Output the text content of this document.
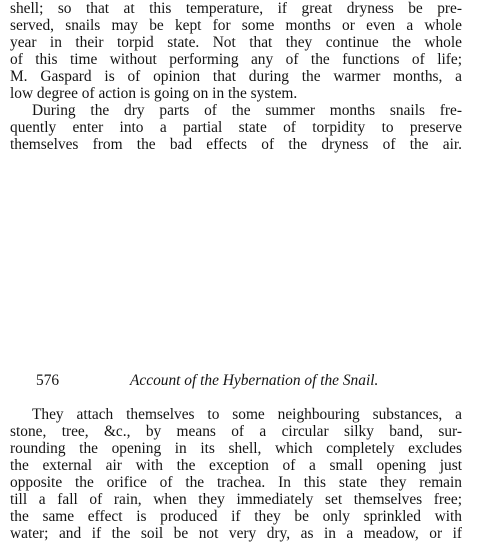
shell; so that at this temperature, if great dryness be pre-
served, snails may be kept for some months or even a whole
year in their torpid state. Not that they continue the whole
of this time without performing any of the functions of life;
M. Gaspard is of opinion that during the warmer months, a
low degree of action is going on in the system.
During the dry parts of the summer months snails fre-
quently enter into a partial state of torpidity to preserve
themselves from the bad effects of the dryness of the air.
576	Account of the Hybernation of the Snail.
They attach themselves to some neighbouring substances, a
stone, tree, &c., by means of a circular silky band, sur-
rounding the opening in its shell, which completely excludes
the external air with the exception of a small opening just
opposite the orifice of the trachea. In this state they remain
till a fall of rain, when they immediately set themselves free;
the same effect is produced if they be only sprinkled with
water; and if the soil be not very dry, as in a meadow, or if
